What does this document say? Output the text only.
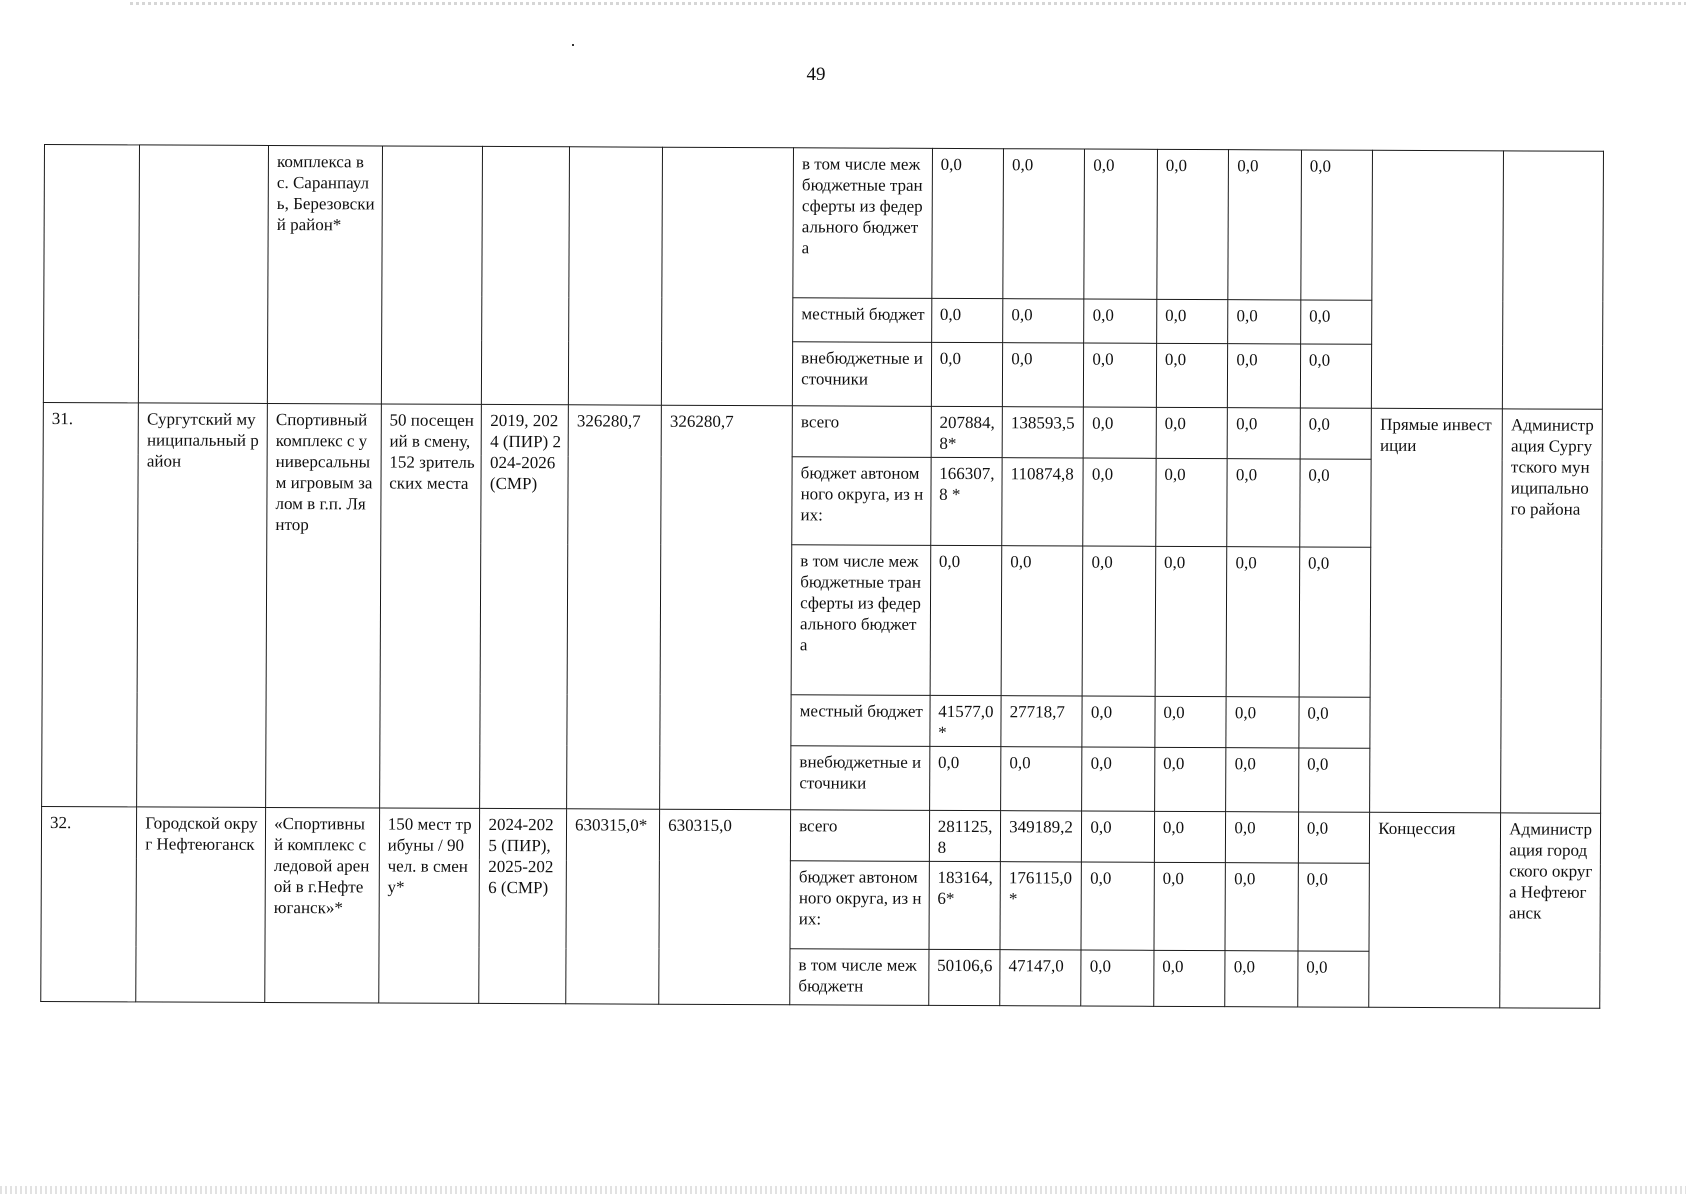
49
		комплекса в с. Саранпауль, Березовский район*					в том числе межбюджетные трансферты из федерального бюджета	0,0	0,0	0,0	0,0	0,0	0,0		
							местный бюджет	0,0	0,0	0,0	0,0	0,0	0,0		
							внебюджетные источники	0,0	0,0	0,0	0,0	0,0	0,0		
31.	Сургутский муниципальный район	Спортивный комплекс с универсальным игровым залом в г.п. Лянтор	50 посещений в смену, 152 зрительских места	2019, 2024 (ПИР) 2024-2026 (СМР)	326280,7	326280,7	всего	207884,8*	138593,5	0,0	0,0	0,0	0,0	Прямые инвестиции	Администрация Сургутского муниципального района
							бюджет автономного округа, из них:	166307,8 *	110874,8	0,0	0,0	0,0	0,0		
							в том числе межбюджетные трансферты из федерального бюджета	0,0	0,0	0,0	0,0	0,0	0,0		
							местный бюджет	41577,0 *	27718,7	0,0	0,0	0,0	0,0		
							внебюджетные источники	0,0	0,0	0,0	0,0	0,0	0,0		
32.	Городской округ Нефтеюганск	«Спортивный комплекс с ледовой ареной в г.Нефтеюганск»*	150 мест трибуны / 90 чел. в смену*	2024-2025 (ПИР), 2025-2026 (СМР)	630315,0*	630315,0	всего	281125,8	349189,2	0,0	0,0	0,0	0,0	Концессия	Администрация городского округа Нефтеюганск
							бюджет автономного округа, из них:	183164,6*	176115,0*	0,0	0,0	0,0	0,0		
							в том числе межбюджетн	50106,6	47147,0	0,0	0,0	0,0	0,0		
